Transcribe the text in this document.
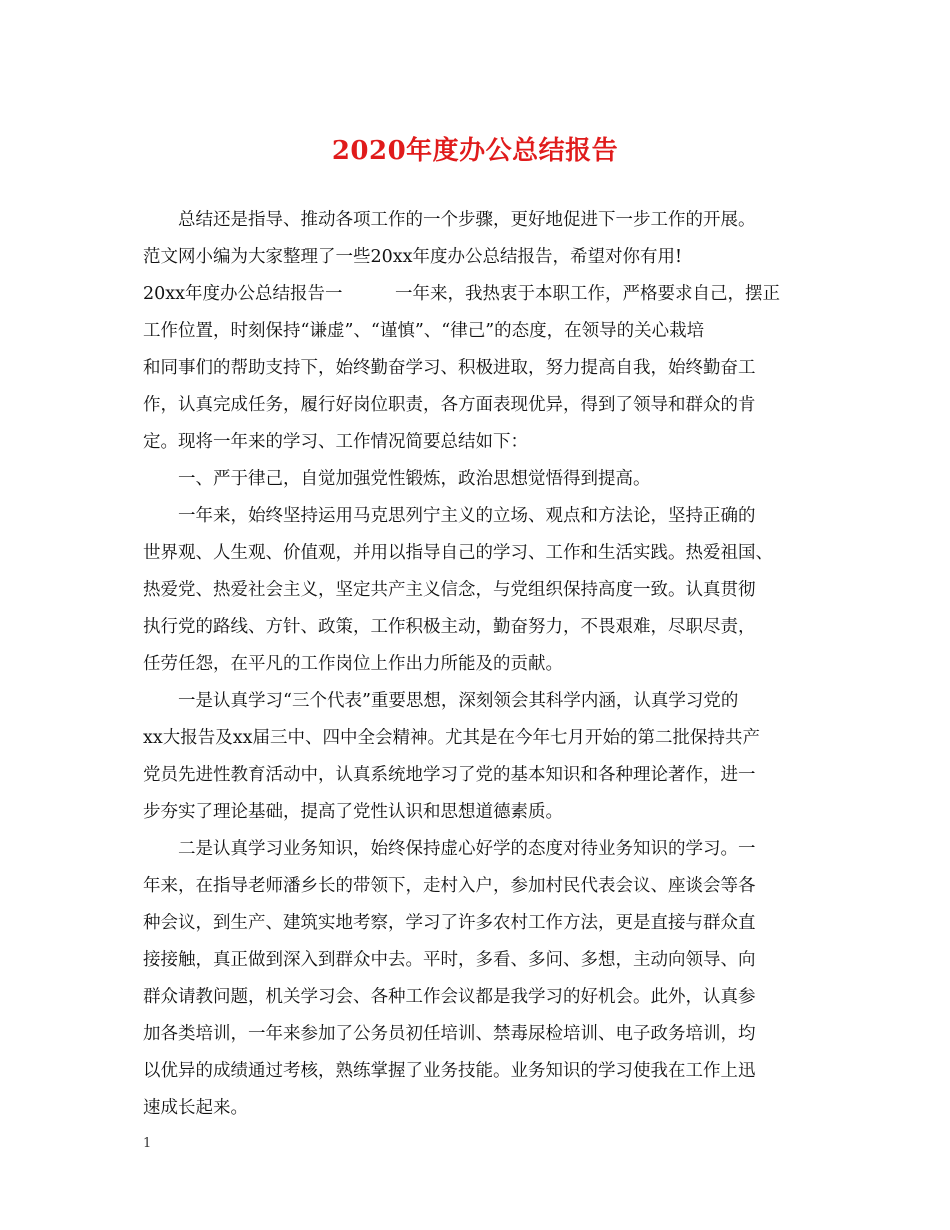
2020年度办公总结报告
　　总结还是指导、推动各项工作的一个步骤，更好地促进下一步工作的开展。
范文网小编为大家整理了一些20xx年度办公总结报告，希望对你有用!
20xx年度办公总结报告一　　　一年来，我热衷于本职工作，严格要求自己，摆正
工作位置，时刻保持“谦虚”、“谨慎”、“律己”的态度，在领导的关心栽培
和同事们的帮助支持下，始终勤奋学习、积极进取，努力提高自我，始终勤奋工
作，认真完成任务，履行好岗位职责，各方面表现优异，得到了领导和群众的肯
定。现将一年来的学习、工作情况简要总结如下：
　　一、严于律己，自觉加强党性锻炼，政治思想觉悟得到提高。
　　一年来，始终坚持运用马克思列宁主义的立场、观点和方法论，坚持正确的
世界观、人生观、价值观，并用以指导自己的学习、工作和生活实践。热爱祖国、
热爱党、热爱社会主义，坚定共产主义信念，与党组织保持高度一致。认真贯彻
执行党的路线、方针、政策，工作积极主动，勤奋努力，不畏艰难，尽职尽责，
任劳任怨，在平凡的工作岗位上作出力所能及的贡献。
　　一是认真学习“三个代表”重要思想，深刻领会其科学内涵，认真学习党的
xx大报告及xx届三中、四中全会精神。尤其是在今年七月开始的第二批保持共产
党员先进性教育活动中，认真系统地学习了党的基本知识和各种理论著作，进一
步夯实了理论基础，提高了党性认识和思想道德素质。
　　二是认真学习业务知识，始终保持虚心好学的态度对待业务知识的学习。一
年来，在指导老师潘乡长的带领下，走村入户，参加村民代表会议、座谈会等各
种会议，到生产、建筑实地考察，学习了许多农村工作方法，更是直接与群众直
接接触，真正做到深入到群众中去。平时，多看、多问、多想，主动向领导、向
群众请教问题，机关学习会、各种工作会议都是我学习的好机会。此外，认真参
加各类培训，一年来参加了公务员初任培训、禁毒尿检培训、电子政务培训，均
以优异的成绩通过考核，熟练掌握了业务技能。业务知识的学习使我在工作上迅
速成长起来。
1
